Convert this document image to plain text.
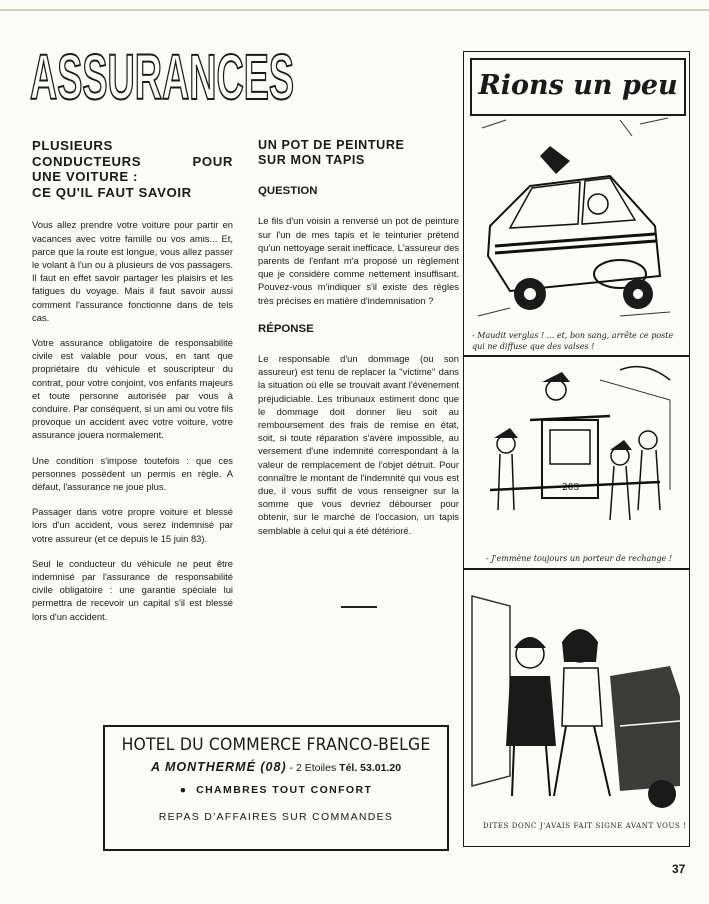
ASSURANCES
PLUSIEURS
CONDUCTEURS POUR
UNE VOITURE :
CE QU'IL FAUT SAVOIR

Vous allez prendre votre voiture pour partir en vacances avec votre famille ou vos amis... Et, parce que la route est longue, vous allez passer le volant à l'un ou à plusieurs de vos passagers. Il faut en effet savoir partager les plaisirs et les fatigues du voyage. Mais il faut savoir aussi comment l'assurance fonctionne dans de tels cas.

Votre assurance obligatoire de responsabilité civile est valable pour vous, en tant que propriétaire du véhicule et souscripteur du contrat, pour votre conjoint, vos enfants majeurs et toute personne autorisée par vous à conduire. Par conséquent, si un ami ou votre fils provoque un accident avec votre voiture, votre assurance jouera normalement.

Une condition s'impose toutefois : que ces personnes possèdent un permis en règle. A défaut, l'assurance ne joue plus.

Passager dans votre propre voiture et blessé lors d'un accident, vous serez indemnisé par votre assureur (et ce depuis le 15 juin 83).

Seul le conducteur du véhicule ne peut être indemnisé par l'assurance de responsabilité civile obligatoire : une garantie spéciale lui permettra de recevoir un capital s'il est blessé lors d'un accident.

UN POT DE PEINTURE
SUR MON TAPIS
QUESTION

Le fils d'un voisin a renversé un pot de peinture sur l'un de mes tapis et le teinturier prétend qu'un nettoyage serait inefficace. L'assureur des parents de l'enfant m'a proposé un règlement que je considère comme nettement insuffisant. Pouvez-vous m'indiquer s'il existe des règles très précises en matière d'indemnisation ?

RÉPONSE

Le responsable d'un dommage (ou son assureur) est tenu de replacer la ''victime'' dans la situation où elle se trouvait avant l'événement préjudiciable. Les tribunaux estiment donc que le dommage doit donner lieu soit au remboursement des frais de remise en état, soit, si toute réparation s'avère impossible, au versement d'une indemnité correspondant à la valeur de remplacement de l'objet détruit. Pour connaître le montant de l'indemnité qui vous est due, il vous suffit de vous renseigner sur la somme que vous devriez débourser pour obtenir, sur le marché de l'occasion, un tapis semblable à celui qui a été détérioré.

Rions un peu
- Maudit verglas ! ... et, bon sang, arrête ce poste qui ne diffuse que des valses !
203
- J'emmène toujours un porteur de rechange !
DITES DONC J'AVAIS FAIT SIGNE AVANT VOUS !
HOTEL DU COMMERCE FRANCO-BELGE
A MONTHERMÉ (08) - 2 Etoiles Tél. 53.01.20
●  CHAMBRES TOUT CONFORT
REPAS D'AFFAIRES SUR COMMANDES
37
